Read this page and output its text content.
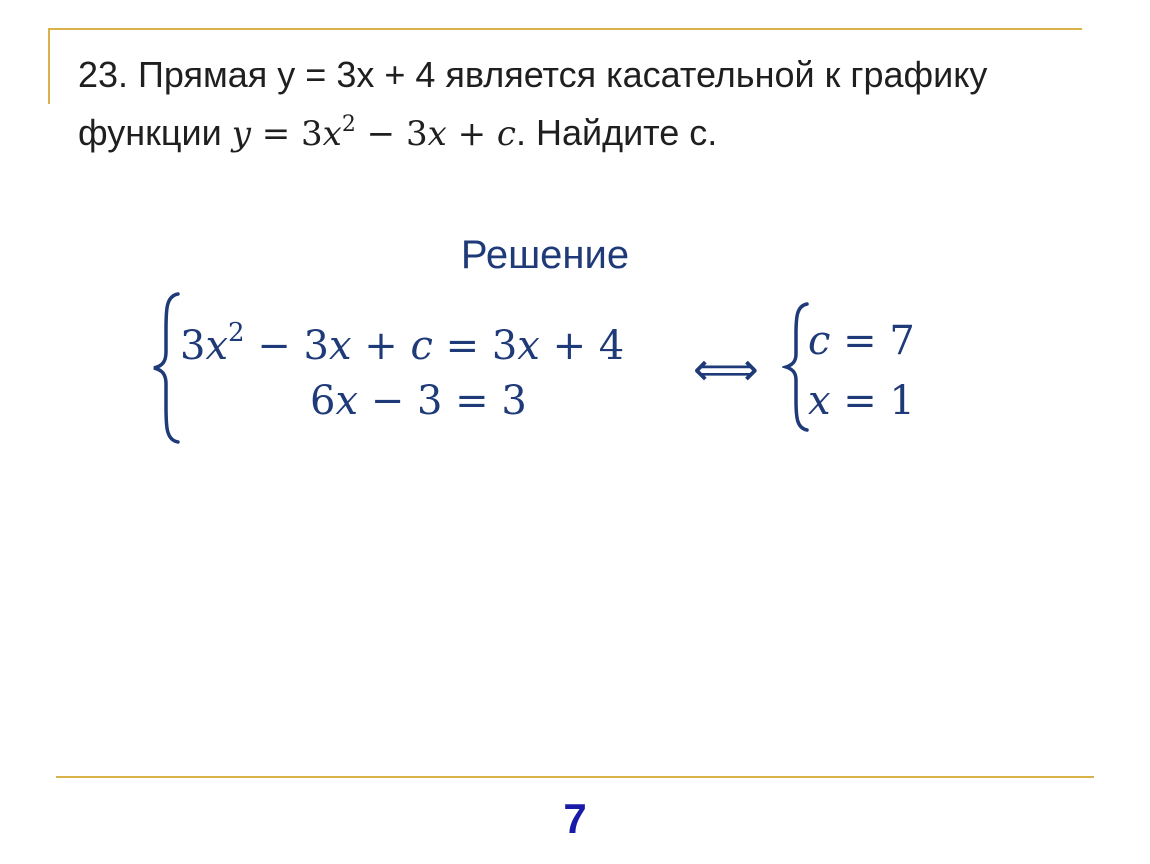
23. Прямая y = 3x + 4 является касательной к графику
функции $y = 3x^2 - 3x + c$. Найдите c.
Решение
$3x^2 - 3x + c = 3x + 4$
6x − 3 = 3
⟺
c = 7
x = 1
7
